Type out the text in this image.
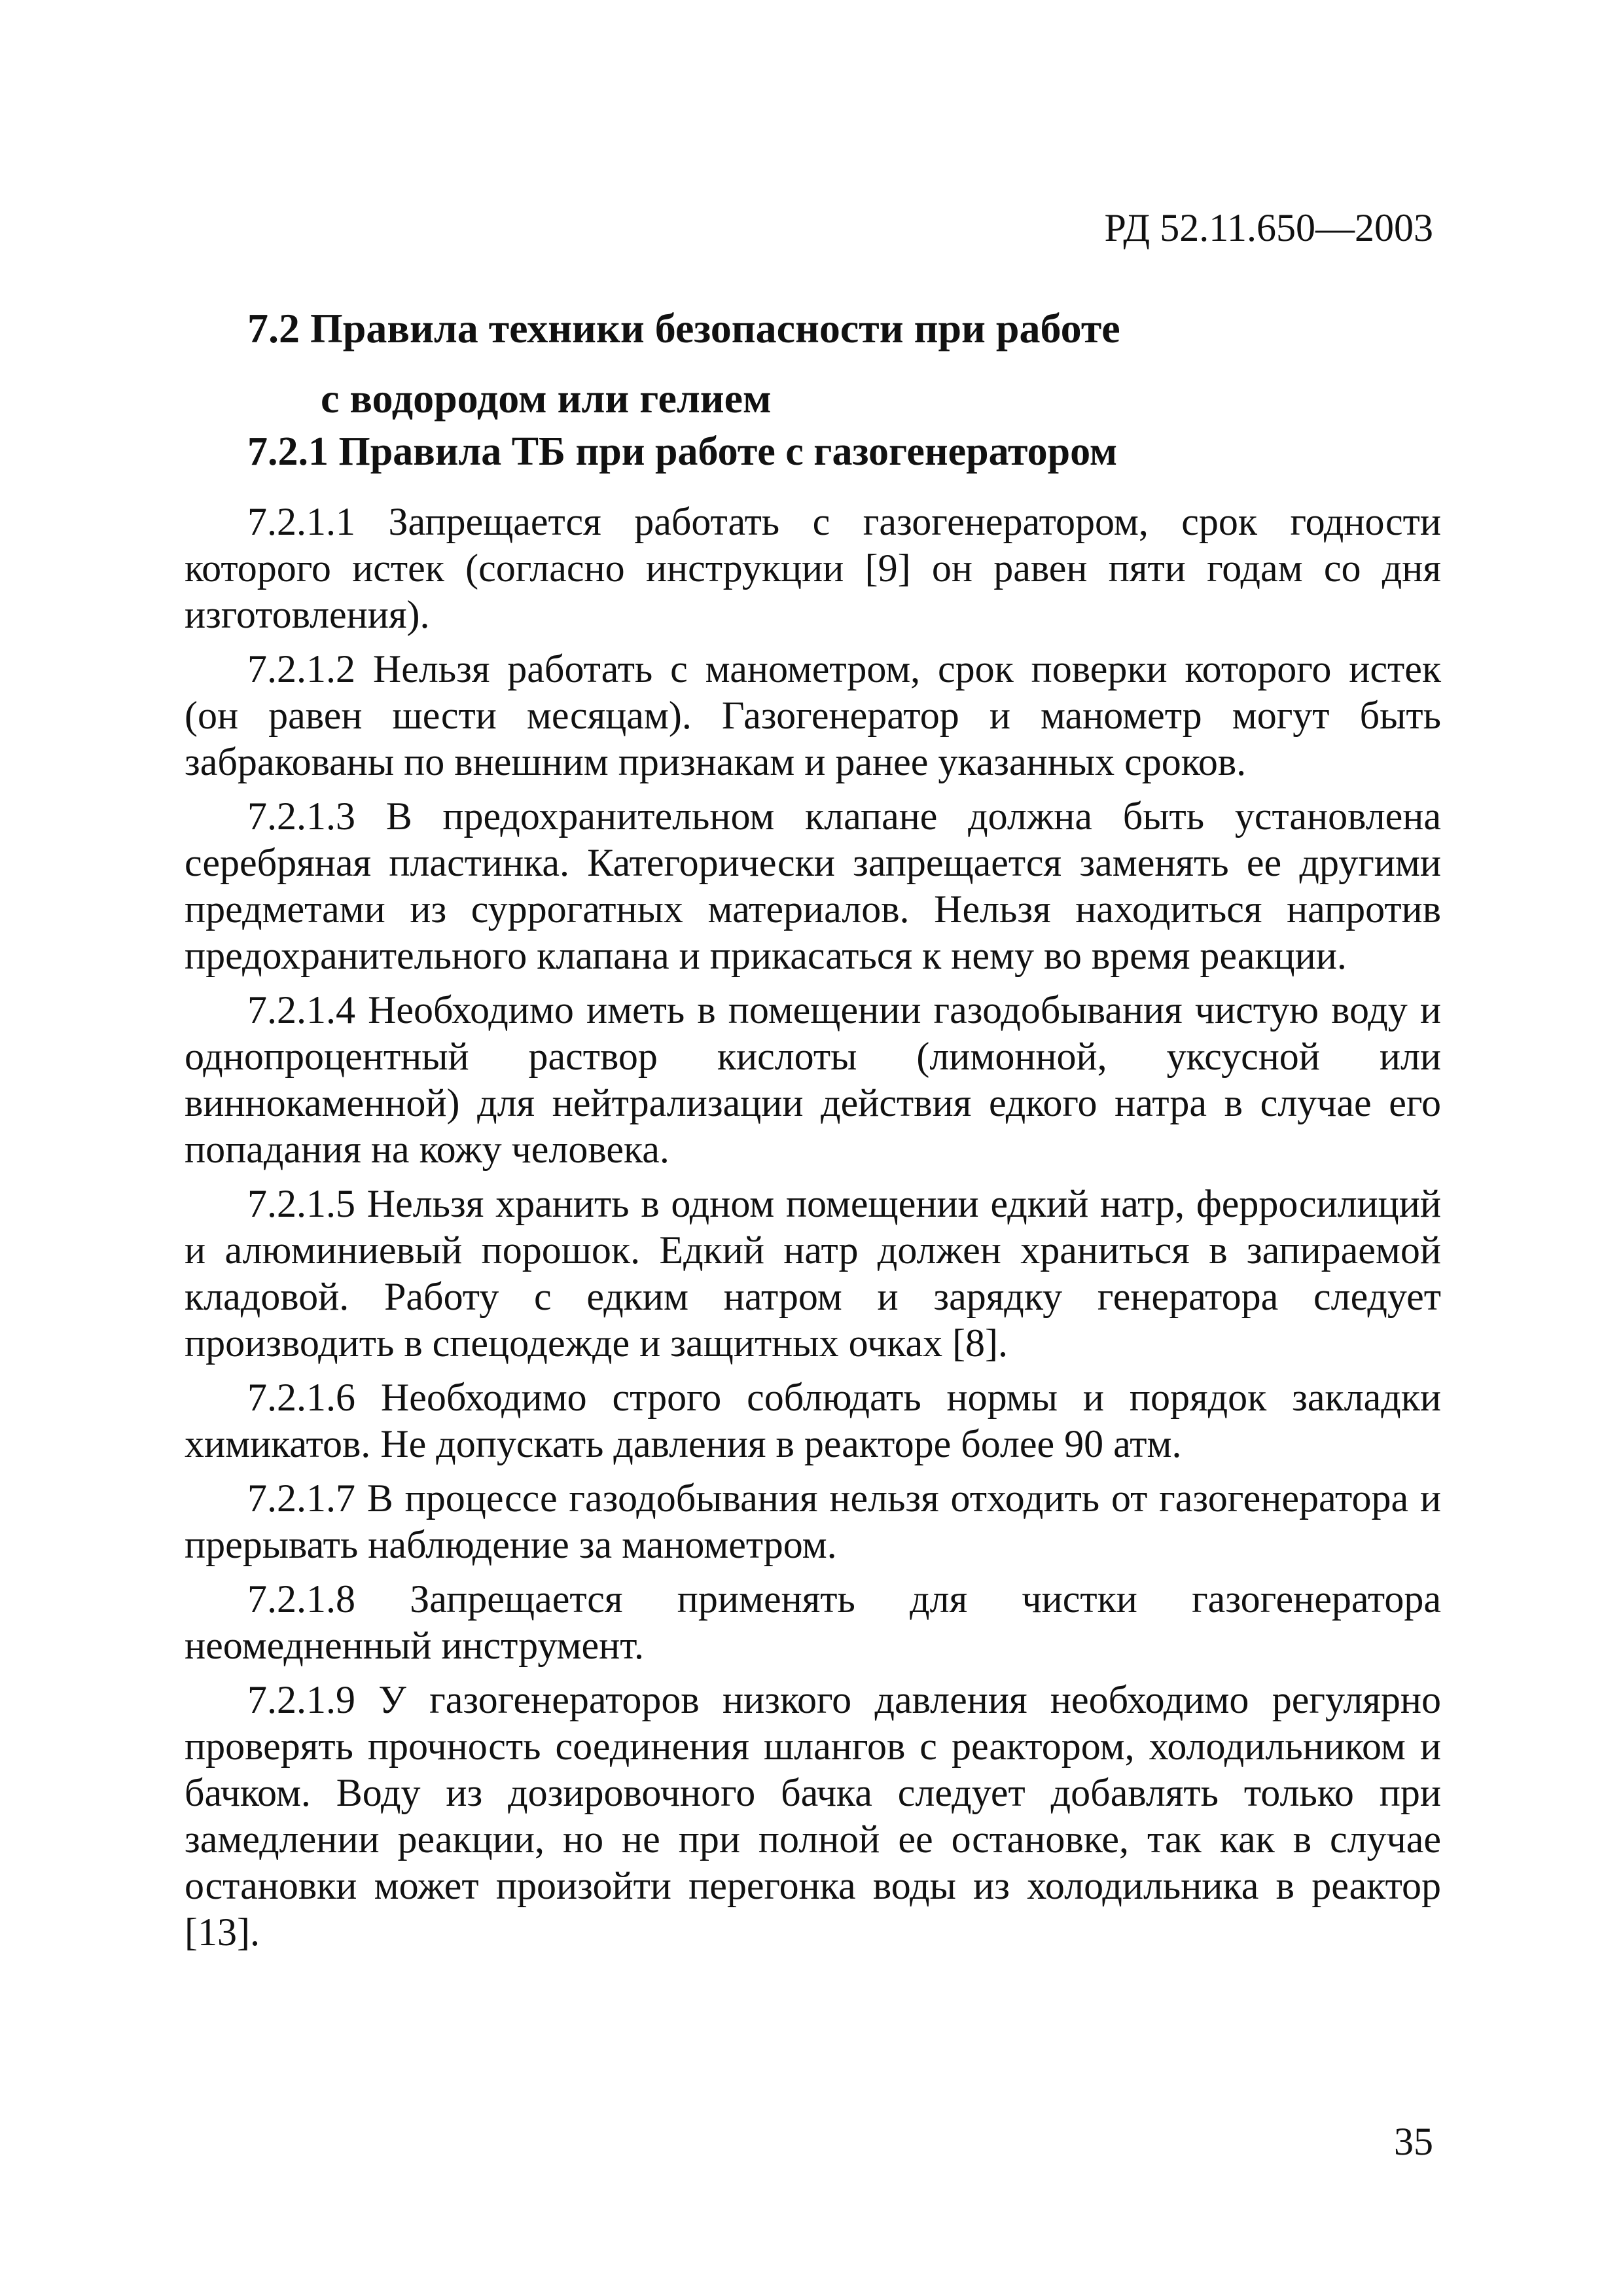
РД 52.11.650—2003
7.2 Правила техники безопасности при работе
с водородом или гелием
7.2.1 Правила ТБ при работе с газогенератором

7.2.1.1 Запрещается работать с газогенератором, срок годности которого истек (согласно инструкции [9] он равен пяти годам со дня изготовления).

7.2.1.2 Нельзя работать с манометром, срок поверки которого истек (он равен шести месяцам). Газогенератор и манометр могут быть забракованы по внешним признакам и ранее указанных сроков.

7.2.1.3 В предохранительном клапане должна быть установлена серебряная пластинка. Категорически запрещается заменять ее другими предметами из суррогатных материалов. Нельзя находиться напротив предохранительного клапана и прикасаться к нему во время реакции.

7.2.1.4 Необходимо иметь в помещении газодобывания чистую воду и однопроцентный раствор кислоты (лимонной, уксусной или виннокаменной) для нейтрализации действия едкого натра в случае его попадания на кожу человека.

7.2.1.5 Нельзя хранить в одном помещении едкий натр, ферросилиций и алюминиевый порошок. Едкий натр должен храниться в запираемой кладовой. Работу с едким натром и зарядку генератора следует производить в спецодежде и защитных очках [8].

7.2.1.6 Необходимо строго соблюдать нормы и порядок закладки химикатов. Не допускать давления в реакторе более 90 атм.

7.2.1.7 В процессе газодобывания нельзя отходить от газогенератора и прерывать наблюдение за манометром.

7.2.1.8 Запрещается применять для чистки газогенератора неомедненный инструмент.

7.2.1.9 У газогенераторов низкого давления необходимо регулярно проверять прочность соединения шлангов с реактором, холодильником и бачком. Воду из дозировочного бачка следует добавлять только при замедлении реакции, но не при полной ее остановке, так как в случае остановки может произойти перегонка воды из холодильника в реактор [13].

35
